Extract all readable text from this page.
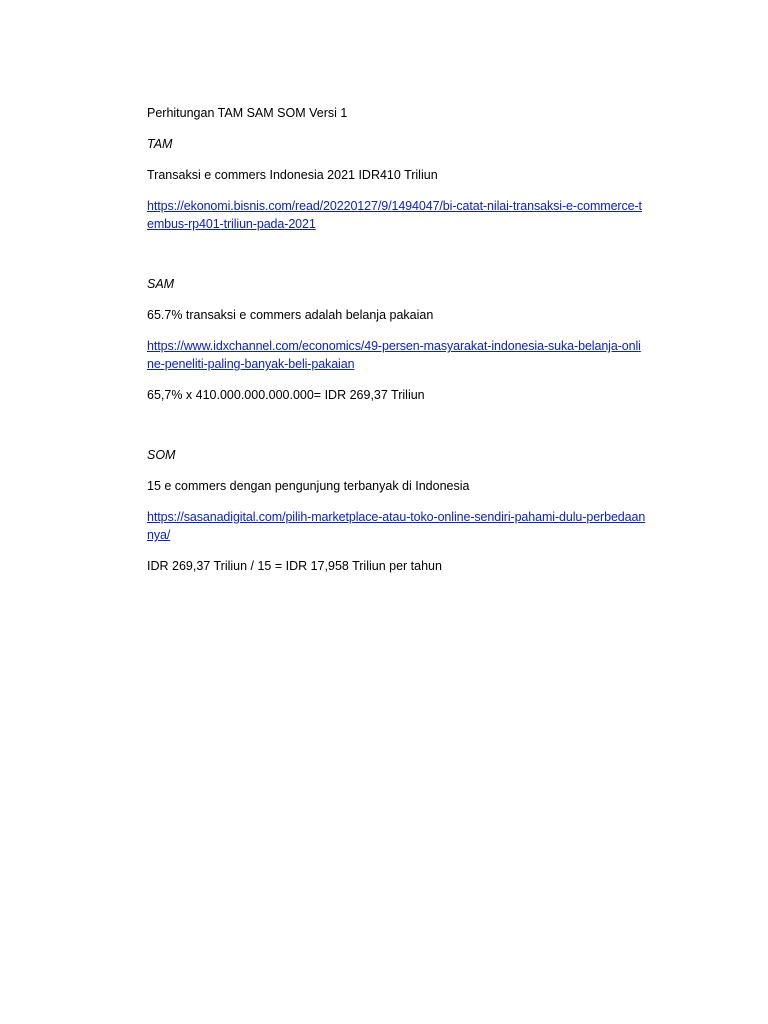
Perhitungan TAM SAM SOM Versi 1

TAM

Transaksi e commers Indonesia 2021 IDR410 Triliun

https://ekonomi.bisnis.com/read/20220127/9/1494047/bi-catat-nilai-transaksi-e-commerce-tembus-rp401-triliun-pada-2021

SAM

65.7% transaksi e commers adalah belanja pakaian

https://www.idxchannel.com/economics/49-persen-masyarakat-indonesia-suka-belanja-online-peneliti-paling-banyak-beli-pakaian

65,7% x 410.000.000.000.000= IDR 269,37 Triliun

SOM

15 e commers dengan pengunjung terbanyak di Indonesia

https://sasanadigital.com/pilih-marketplace-atau-toko-online-sendiri-pahami-dulu-perbedaannya/

IDR 269,37 Triliun / 15 = IDR 17,958 Triliun per tahun
